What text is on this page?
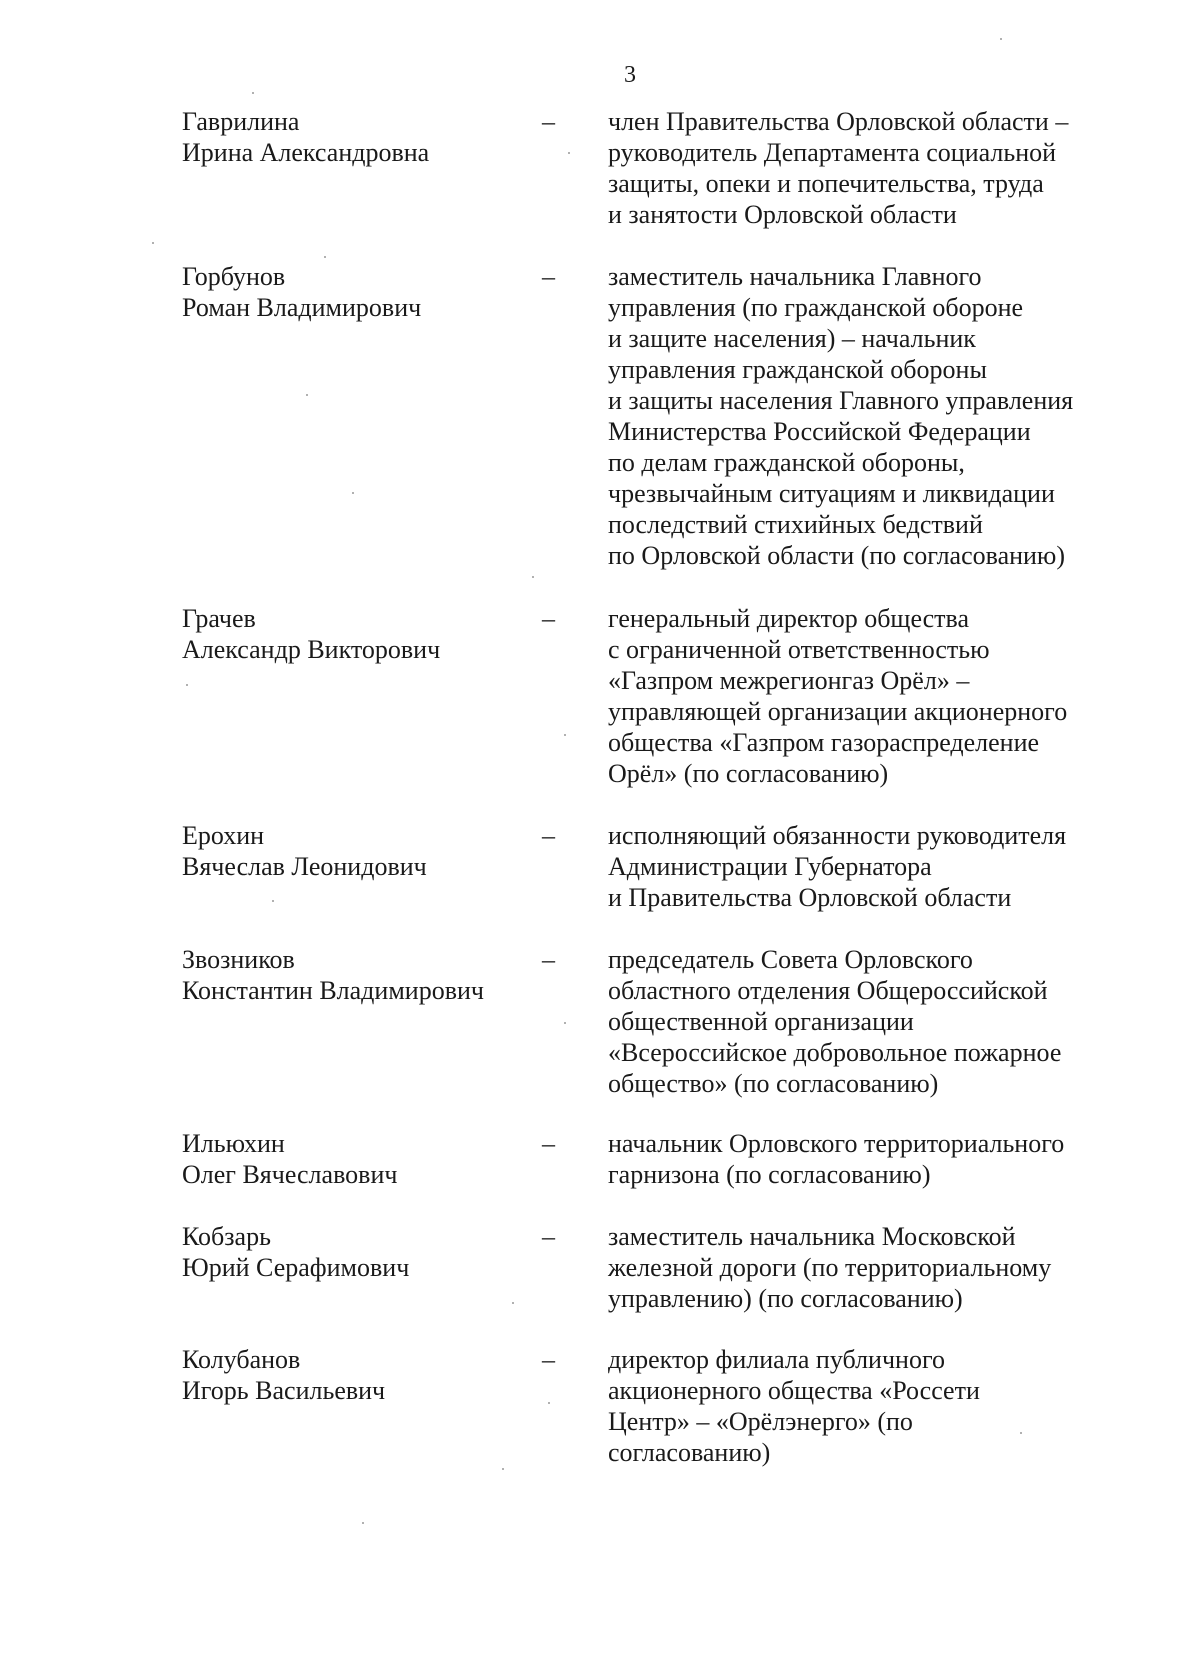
3
Гаврилина
Ирина Александровна
– член Правительства Орловской области –
руководитель Департамента социальной
защиты, опеки и попечительства, труда
и занятости Орловской области
Горбунов
Роман Владимирович
– заместитель начальника Главного
управления (по гражданской обороне
и защите населения) – начальник
управления гражданской обороны
и защиты населения Главного управления
Министерства Российской Федерации
по делам гражданской обороны,
чрезвычайным ситуациям и ликвидации
последствий стихийных бедствий
по Орловской области (по согласованию)
Грачев
Александр Викторович
– генеральный директор общества
с ограниченной ответственностью
«Газпром межрегионгаз Орёл» –
управляющей организации акционерного
общества «Газпром газораспределение
Орёл» (по согласованию)
Ерохин
Вячеслав Леонидович
– исполняющий обязанности руководителя
Администрации Губернатора
и Правительства Орловской области
Звозников
Константин Владимирович
– председатель Совета Орловского
областного отделения Общероссийской
общественной организации
«Всероссийское добровольное пожарное
общество» (по согласованию)
Ильюхин
Олег Вячеславович
– начальник Орловского территориального
гарнизона (по согласованию)
Кобзарь
Юрий Серафимович
– заместитель начальника Московской
железной дороги (по территориальному
управлению) (по согласованию)
Колубанов
Игорь Васильевич
– директор филиала публичного
акционерного общества «Россети
Центр» – «Орёлэнерго» (по
согласованию)
